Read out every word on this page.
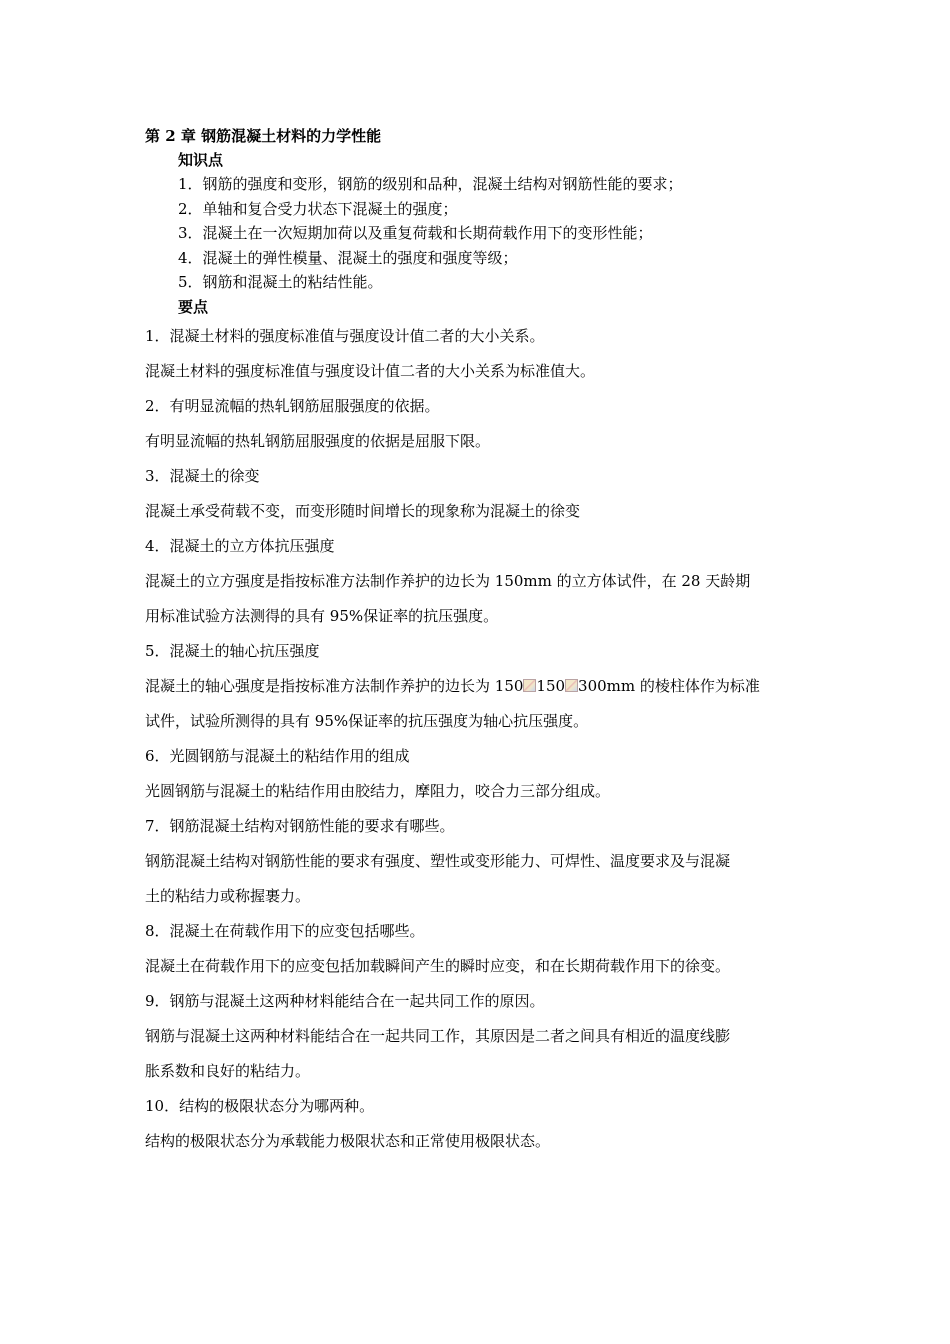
第 2 章 钢筋混凝土材料的力学性能

知识点

1．钢筋的强度和变形，钢筋的级别和品种，混凝土结构对钢筋性能的要求；

2．单轴和复合受力状态下混凝土的强度；

3．混凝土在一次短期加荷以及重复荷载和长期荷载作用下的变形性能；

4．混凝土的弹性模量、混凝土的强度和强度等级；

5．钢筋和混凝土的粘结性能。

要点

1．混凝土材料的强度标准值与强度设计值二者的大小关系。

混凝土材料的强度标准值与强度设计值二者的大小关系为标准值大。

2．有明显流幅的热轧钢筋屈服强度的依据。

有明显流幅的热轧钢筋屈服强度的依据是屈服下限。

3．混凝土的徐变

混凝土承受荷载不变，而变形随时间增长的现象称为混凝土的徐变

4．混凝土的立方体抗压强度

混凝土的立方强度是指按标准方法制作养护的边长为 150mm 的立方体试件，在 28 天龄期

用标准试验方法测得的具有 95%保证率的抗压强度。

5．混凝土的轴心抗压强度

混凝土的轴心强度是指按标准方法制作养护的边长为 150 150 300mm 的棱柱体作为标准

试件，试验所测得的具有 95%保证率的抗压强度为轴心抗压强度。

6．光圆钢筋与混凝土的粘结作用的组成

光圆钢筋与混凝土的粘结作用由胶结力，摩阻力，咬合力三部分组成。

7．钢筋混凝土结构对钢筋性能的要求有哪些。

钢筋混凝土结构对钢筋性能的要求有强度、塑性或变形能力、可焊性、温度要求及与混凝

土的粘结力或称握裹力。

8．混凝土在荷载作用下的应变包括哪些。

混凝土在荷载作用下的应变包括加载瞬间产生的瞬时应变，和在长期荷载作用下的徐变。

9．钢筋与混凝土这两种材料能结合在一起共同工作的原因。

钢筋与混凝土这两种材料能结合在一起共同工作，其原因是二者之间具有相近的温度线膨

胀系数和良好的粘结力。

10．结构的极限状态分为哪两种。

结构的极限状态分为承载能力极限状态和正常使用极限状态。
